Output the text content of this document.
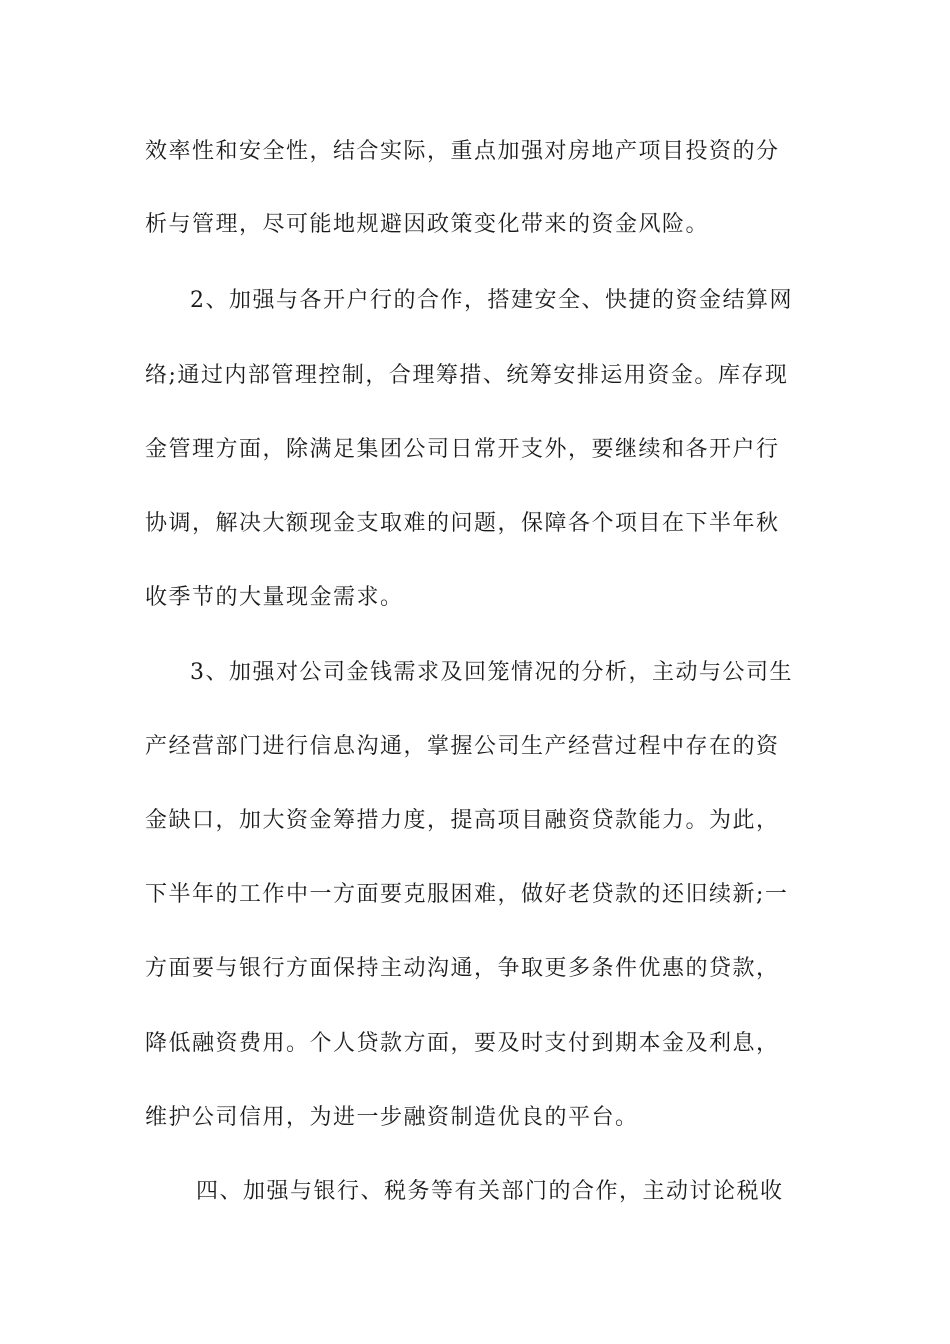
效率性和安全性，结合实际，重点加强对房地产项目投资的分
析与管理，尽可能地规避因政策变化带来的资金风险。
2、加强与各开户行的合作，搭建安全、快捷的资金结算网
络;通过内部管理控制，合理筹措、统筹安排运用资金。库存现
金管理方面，除满足集团公司日常开支外，要继续和各开户行
协调，解决大额现金支取难的问题，保障各个项目在下半年秋
收季节的大量现金需求。
3、加强对公司金钱需求及回笼情况的分析，主动与公司生
产经营部门进行信息沟通，掌握公司生产经营过程中存在的资
金缺口，加大资金筹措力度，提高项目融资贷款能力。为此，
下半年的工作中一方面要克服困难，做好老贷款的还旧续新;一
方面要与银行方面保持主动沟通，争取更多条件优惠的贷款，
降低融资费用。个人贷款方面，要及时支付到期本金及利息，
维护公司信用，为进一步融资制造优良的平台。
四、加强与银行、税务等有关部门的合作，主动讨论税收
